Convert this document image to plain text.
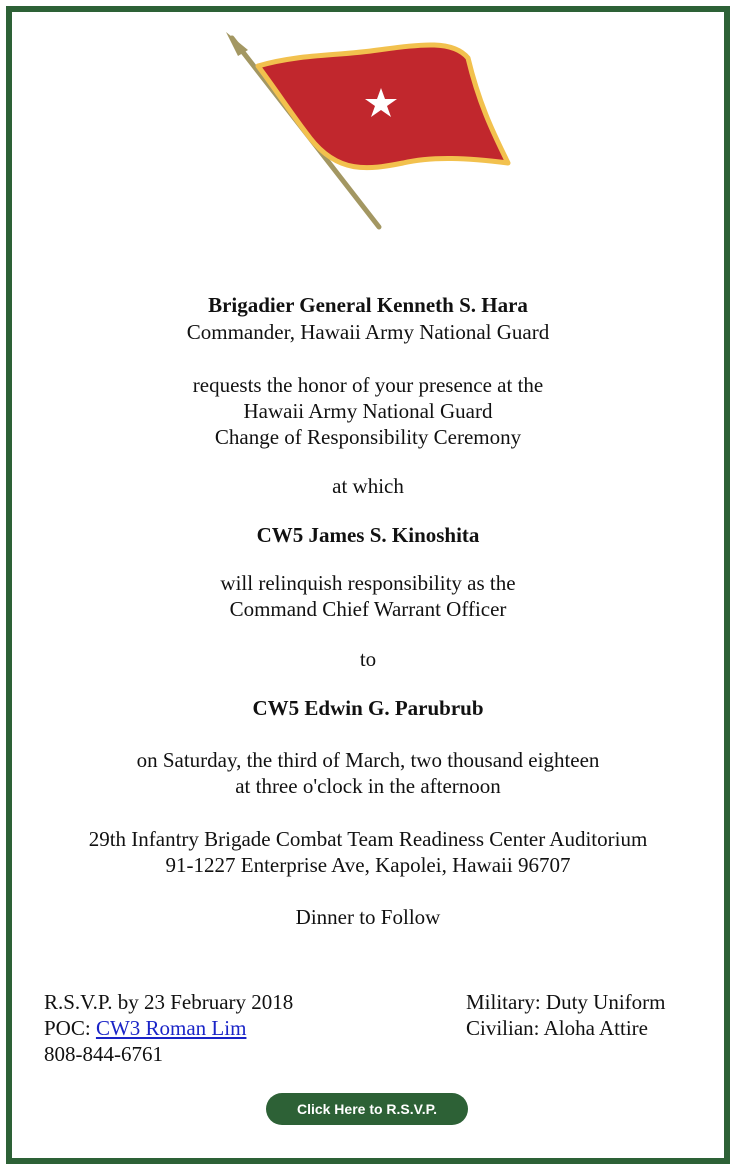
Brigadier General Kenneth S. Hara
Commander, Hawaii Army National Guard
requests the honor of your presence at the
Hawaii Army National Guard
Change of Responsibility Ceremony
at which
CW5 James S. Kinoshita
will relinquish responsibility as the
Command Chief Warrant Officer
to
CW5 Edwin G. Parubrub
on Saturday, the third of March, two thousand eighteen
at three o'clock in the afternoon
29th Infantry Brigade Combat Team Readiness Center Auditorium
91-1227 Enterprise Ave, Kapolei, Hawaii 96707
Dinner to Follow
R.S.V.P. by 23 February 2018
POC: CW3 Roman Lim
808-844-6761
Military: Duty Uniform
Civilian: Aloha Attire
Click Here to R.S.V.P.
